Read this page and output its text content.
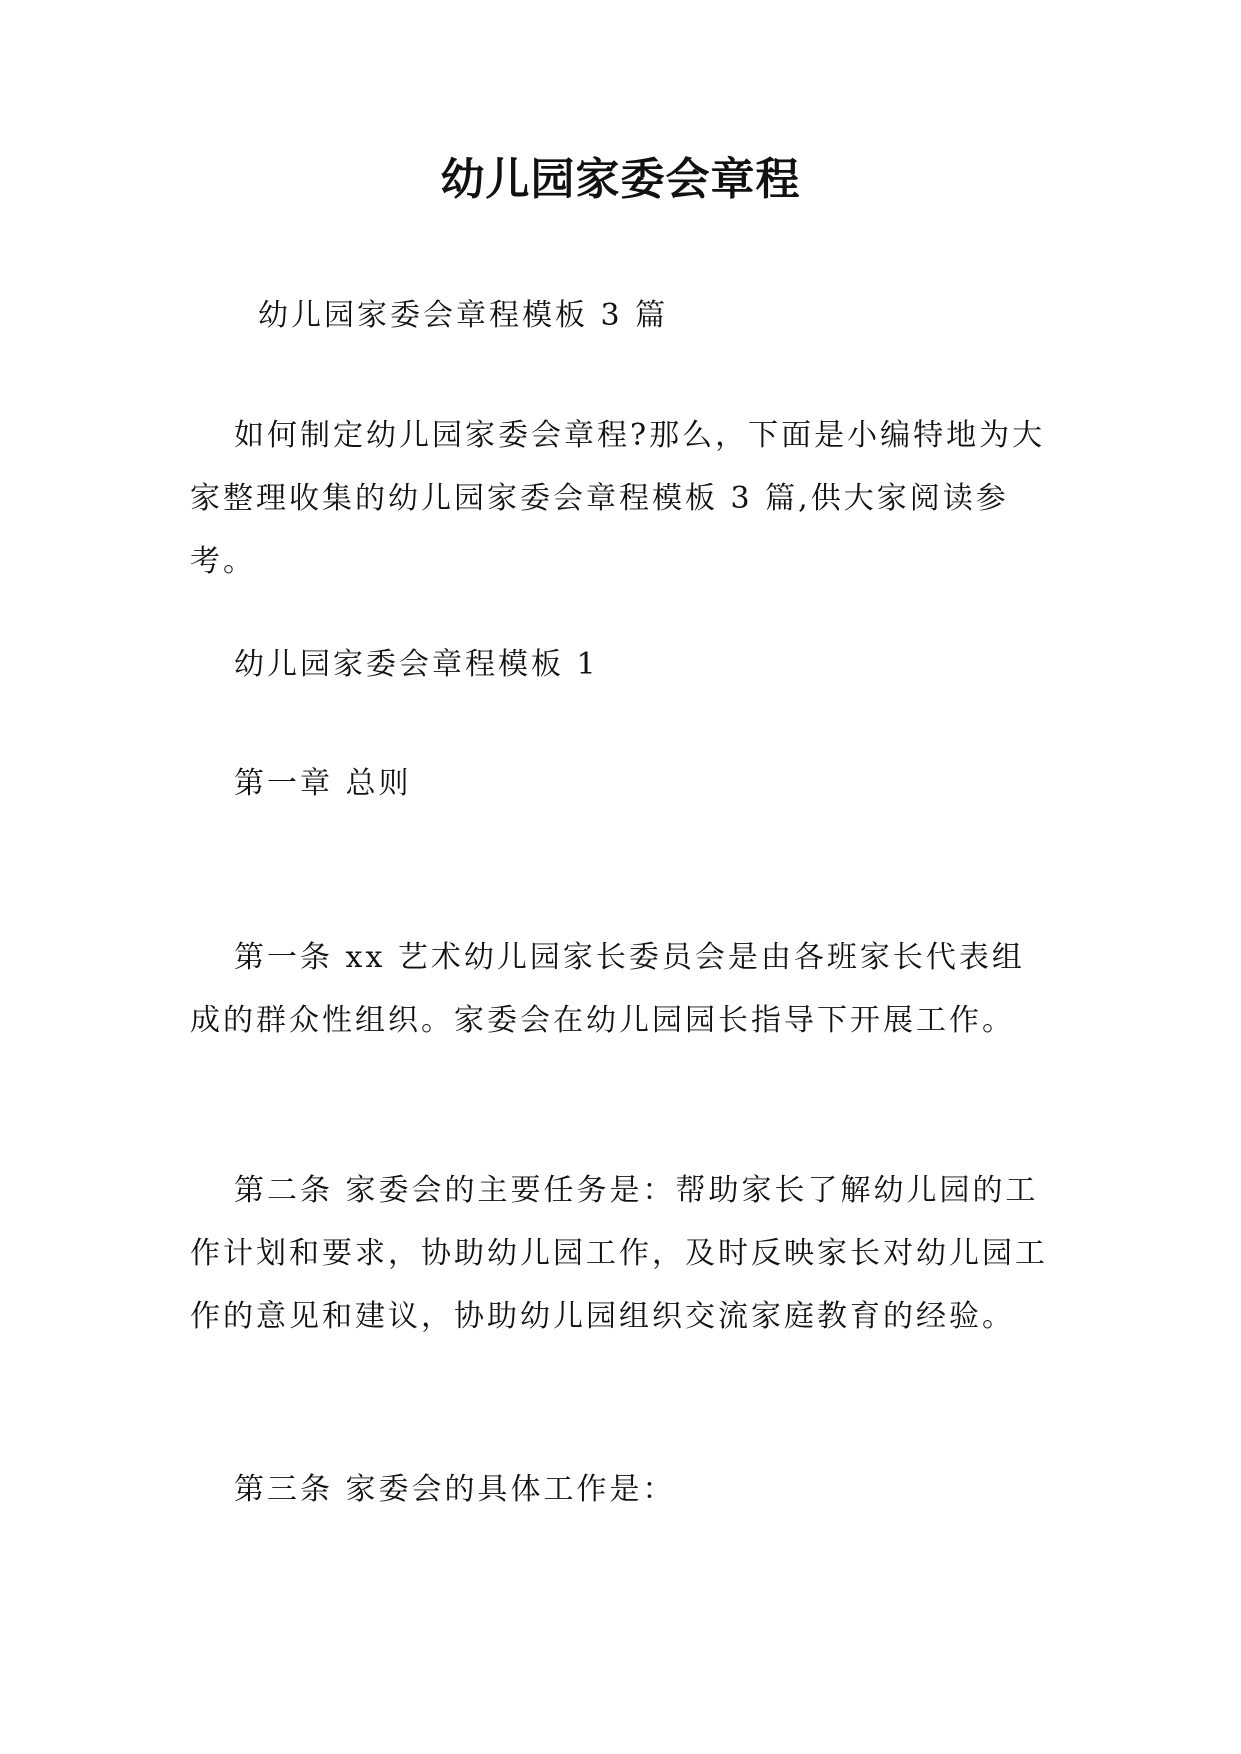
幼儿园家委会章程
幼儿园家委会章程模板 3 篇
如何制定幼儿园家委会章程?那么，下面是小编特地为大家整理收集的幼儿园家委会章程模板 3 篇,供大家阅读参考。
幼儿园家委会章程模板 1
第一章 总则
第一条 xx 艺术幼儿园家长委员会是由各班家长代表组成的群众性组织。家委会在幼儿园园长指导下开展工作。
第二条 家委会的主要任务是：帮助家长了解幼儿园的工作计划和要求，协助幼儿园工作，及时反映家长对幼儿园工作的意见和建议，协助幼儿园组织交流家庭教育的经验。
第三条 家委会的具体工作是：
